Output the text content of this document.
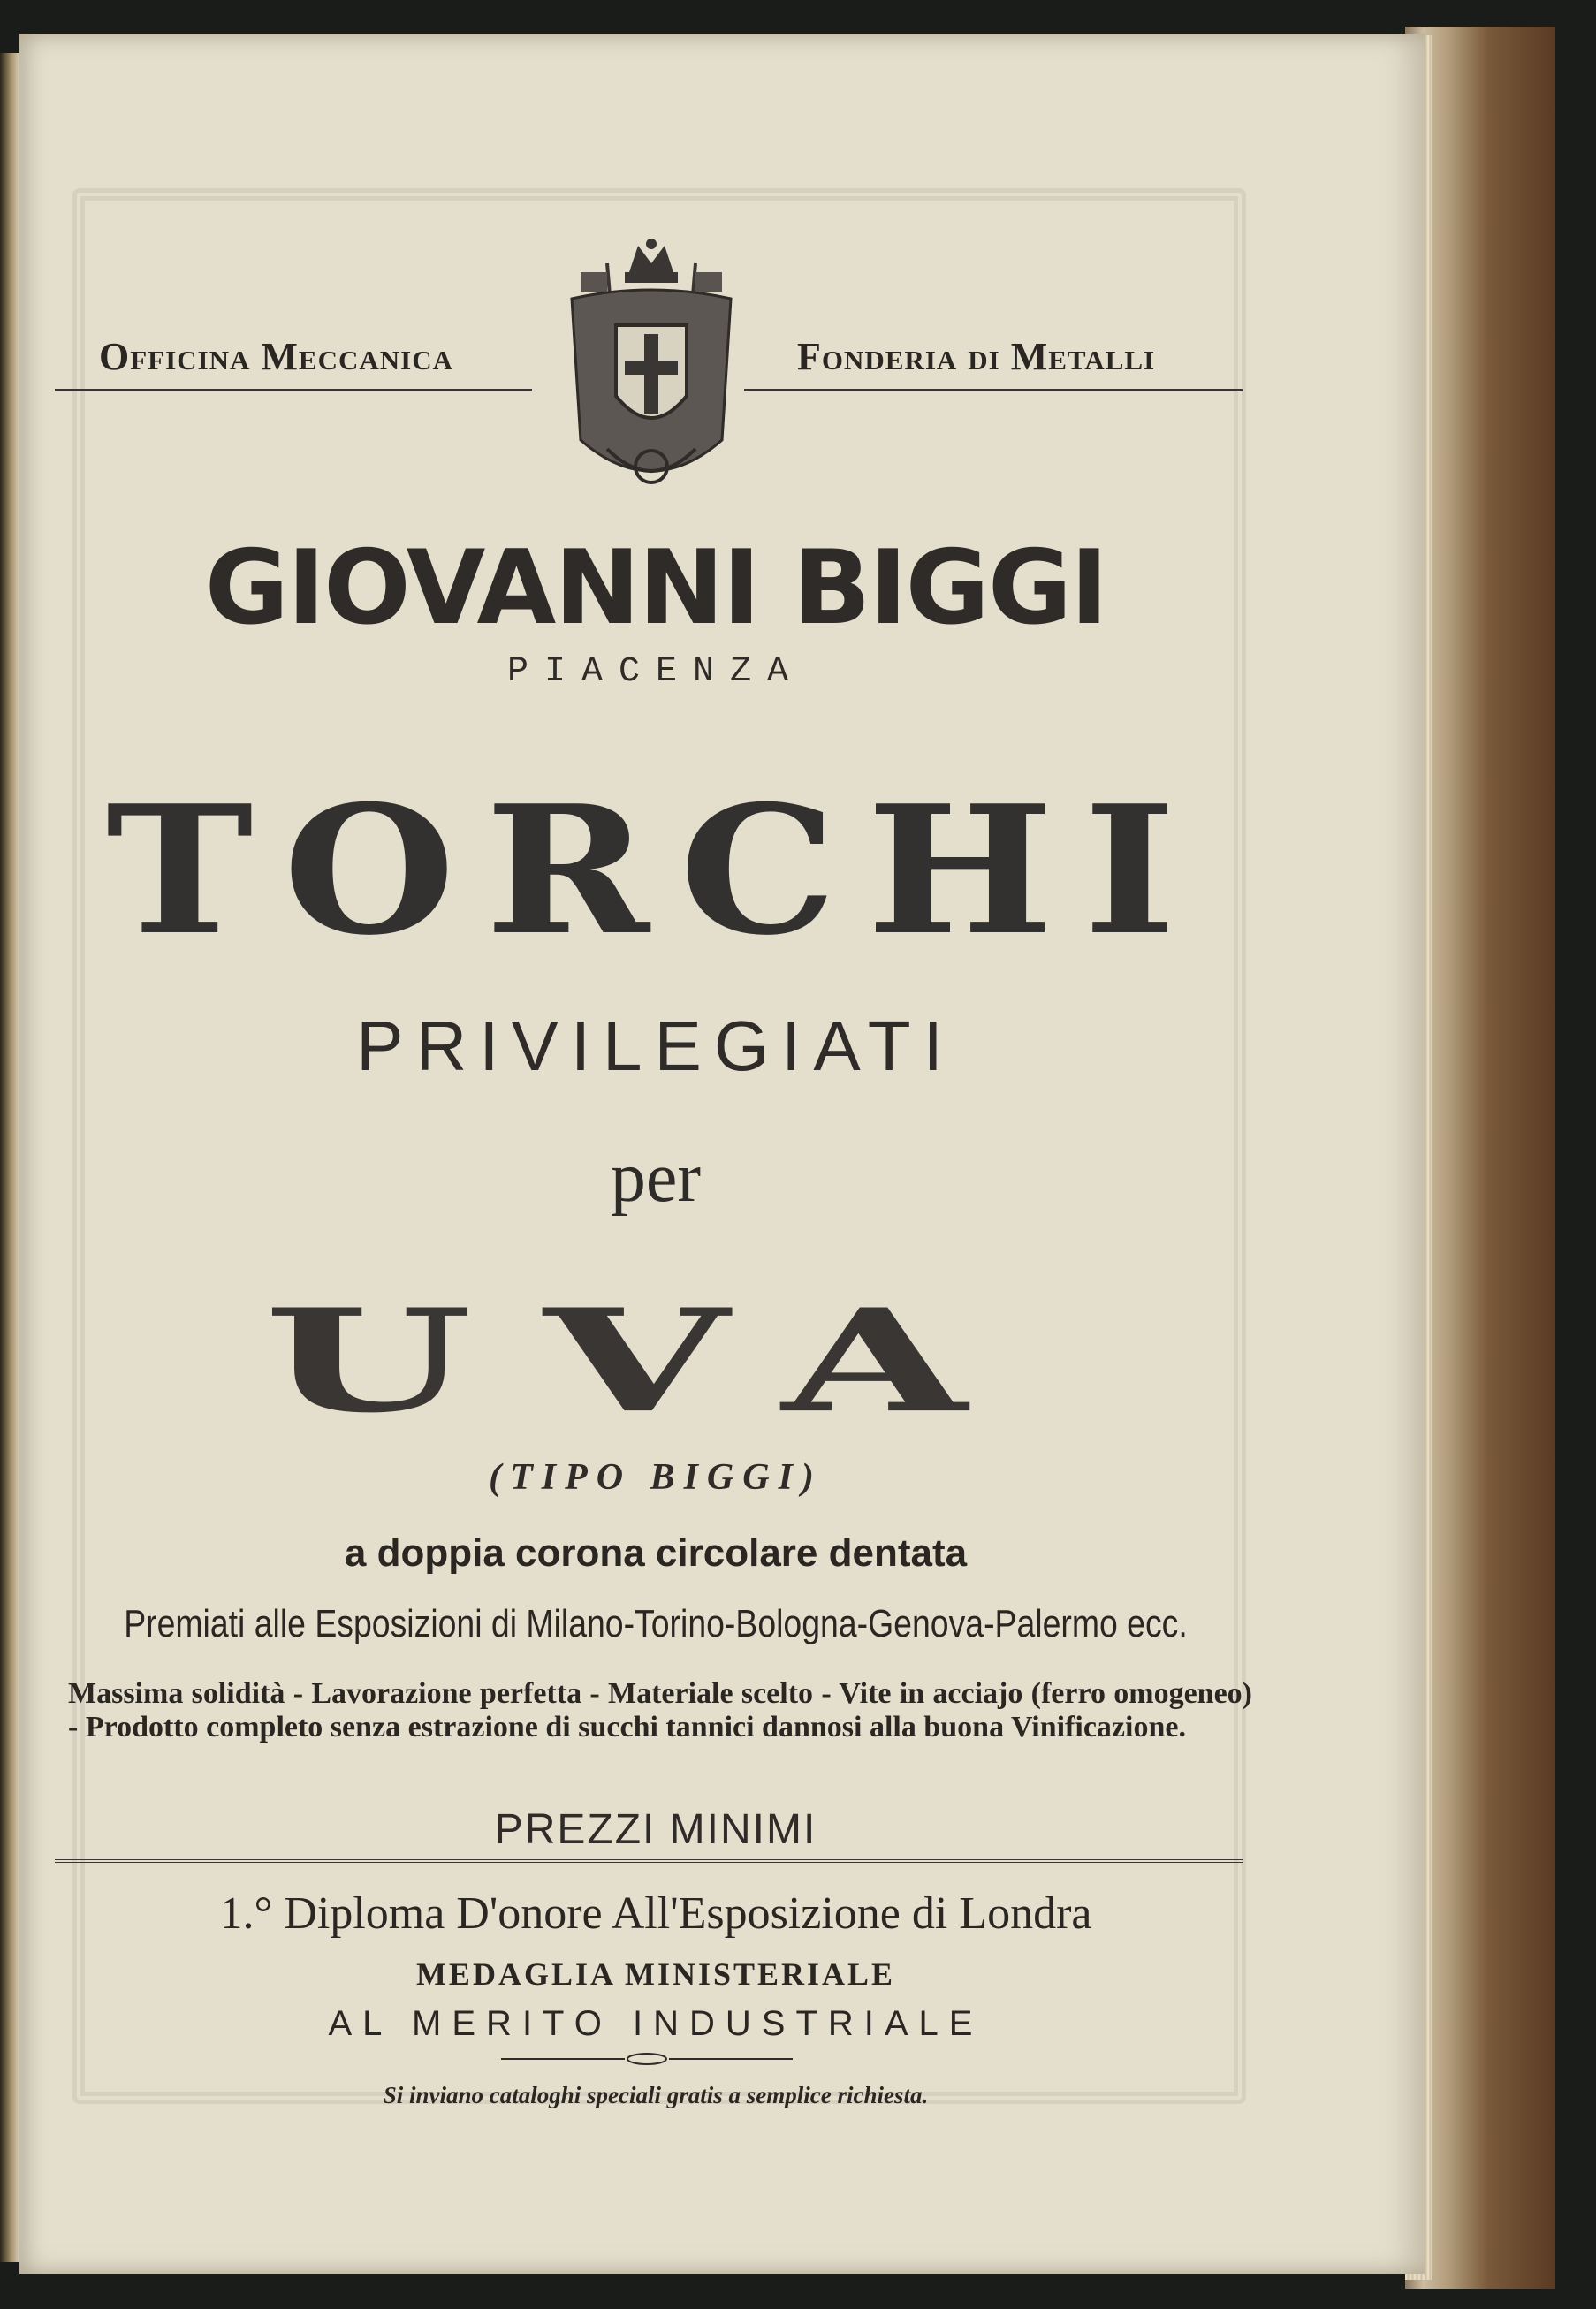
Officina Meccanica	Fonderia di Metalli
GIOVANNI BIGGI
PIACENZA
TORCHI
PRIVILEGIATI
per
UVA
(TIPO BIGGI)
a doppia corona circolare dentata
Premiati alle Esposizioni di Milano-Torino-Bologna-Genova-Palermo ecc.
Massima solidità - Lavorazione perfetta - Materiale scelto - Vite in acciajo (ferro omogeneo) - Prodotto completo senza estrazione di succhi tannici dannosi alla buona Vinificazione.
PREZZI MINIMI
1.° Diploma D'onore All'Esposizione di Londra
MEDAGLIA MINISTERIALE
AL MERITO INDUSTRIALE
Si inviano cataloghi speciali gratis a semplice richiesta.
